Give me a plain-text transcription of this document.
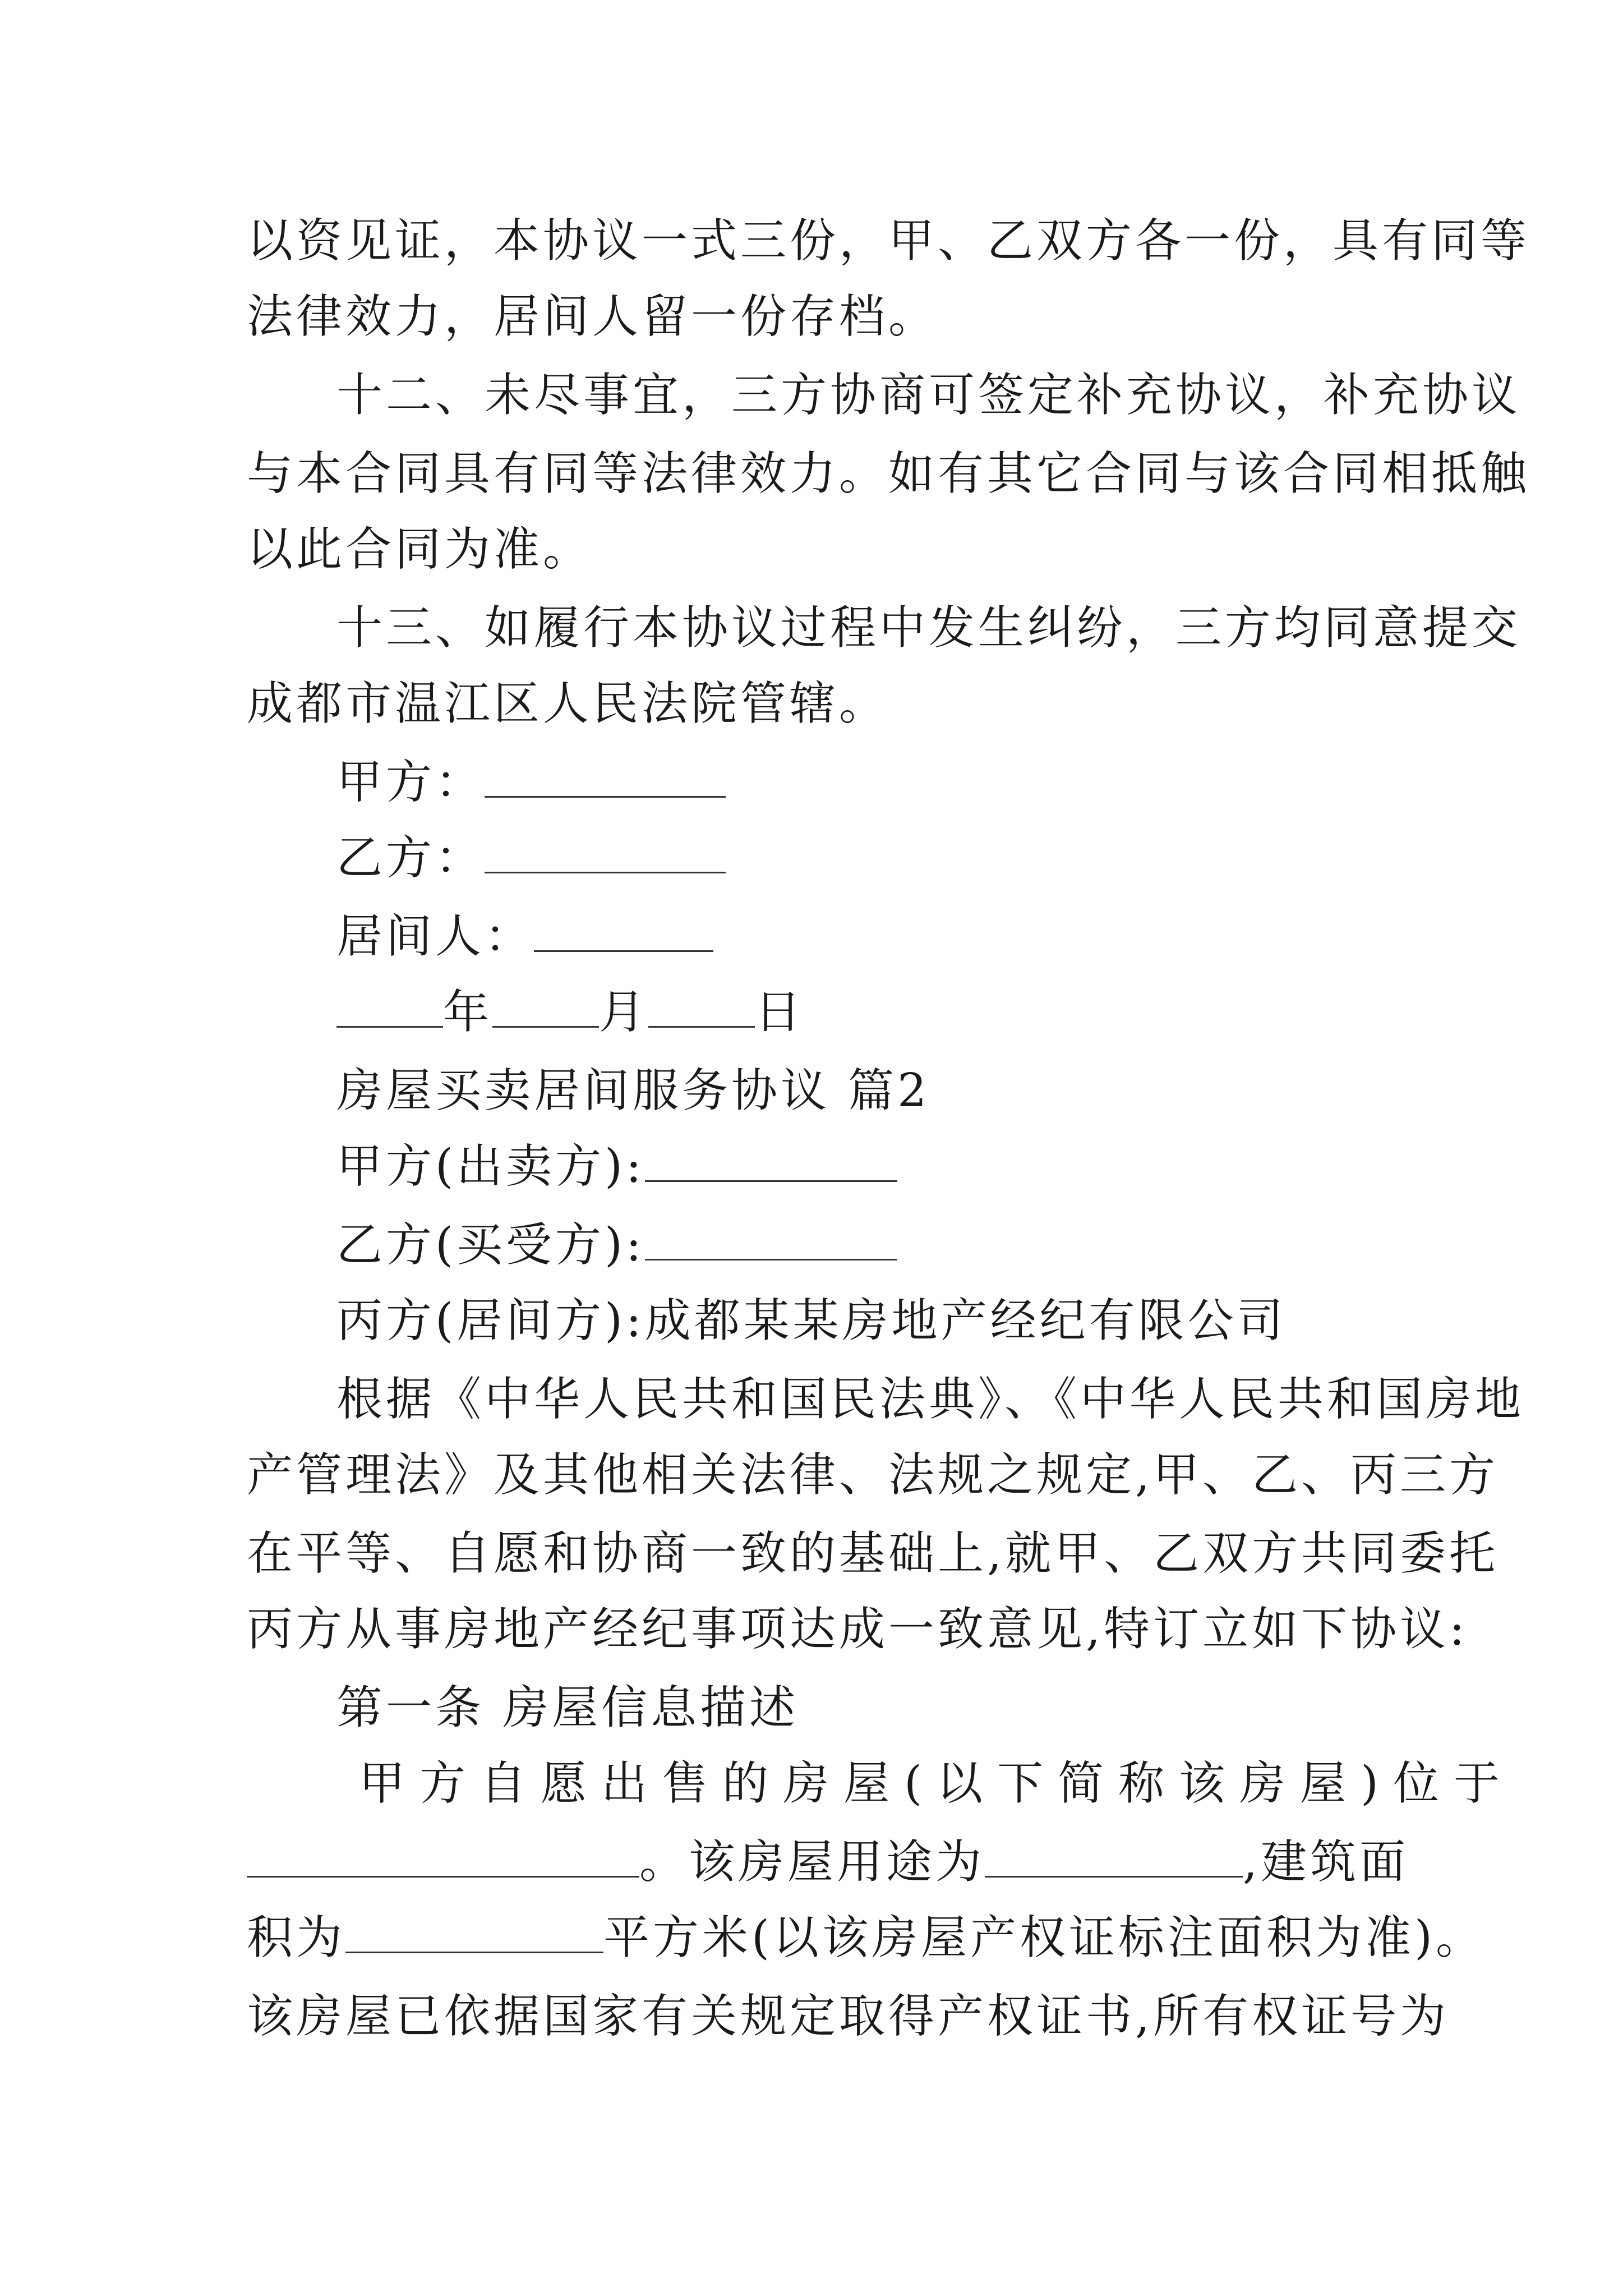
以资见证，本协议一式三份，甲、乙双方各一份，具有同等
法律效力，居间人留一份存档。
十二、未尽事宜，三方协商可签定补充协议，补充协议
与本合同具有同等法律效力。如有其它合同与该合同相抵触
以此合同为准。
十三、如履行本协议过程中发生纠纷，三方均同意提交
成都市温江区人民法院管辖。
甲方：
乙方：
居间人：
年 月 日
房屋买卖居间服务协议 篇2
甲方(出卖方):
乙方(买受方):
丙方(居间方):成都某某房地产经纪有限公司
根据《中华人民共和国民法典》、《中华人民共和国房地
产管理法》及其他相关法律、法规之规定,甲、乙、丙三方
在平等、自愿和协商一致的基础上,就甲、乙双方共同委托
丙方从事房地产经纪事项达成一致意见,特订立如下协议:
第一条 房屋信息描述
甲方自愿出售的房屋(以下简称该房屋)位于
。该房屋用途为	,建筑面
积为	平方米(以该房屋产权证标注面积为准)。
该房屋已依据国家有关规定取得产权证书,所有权证号为
